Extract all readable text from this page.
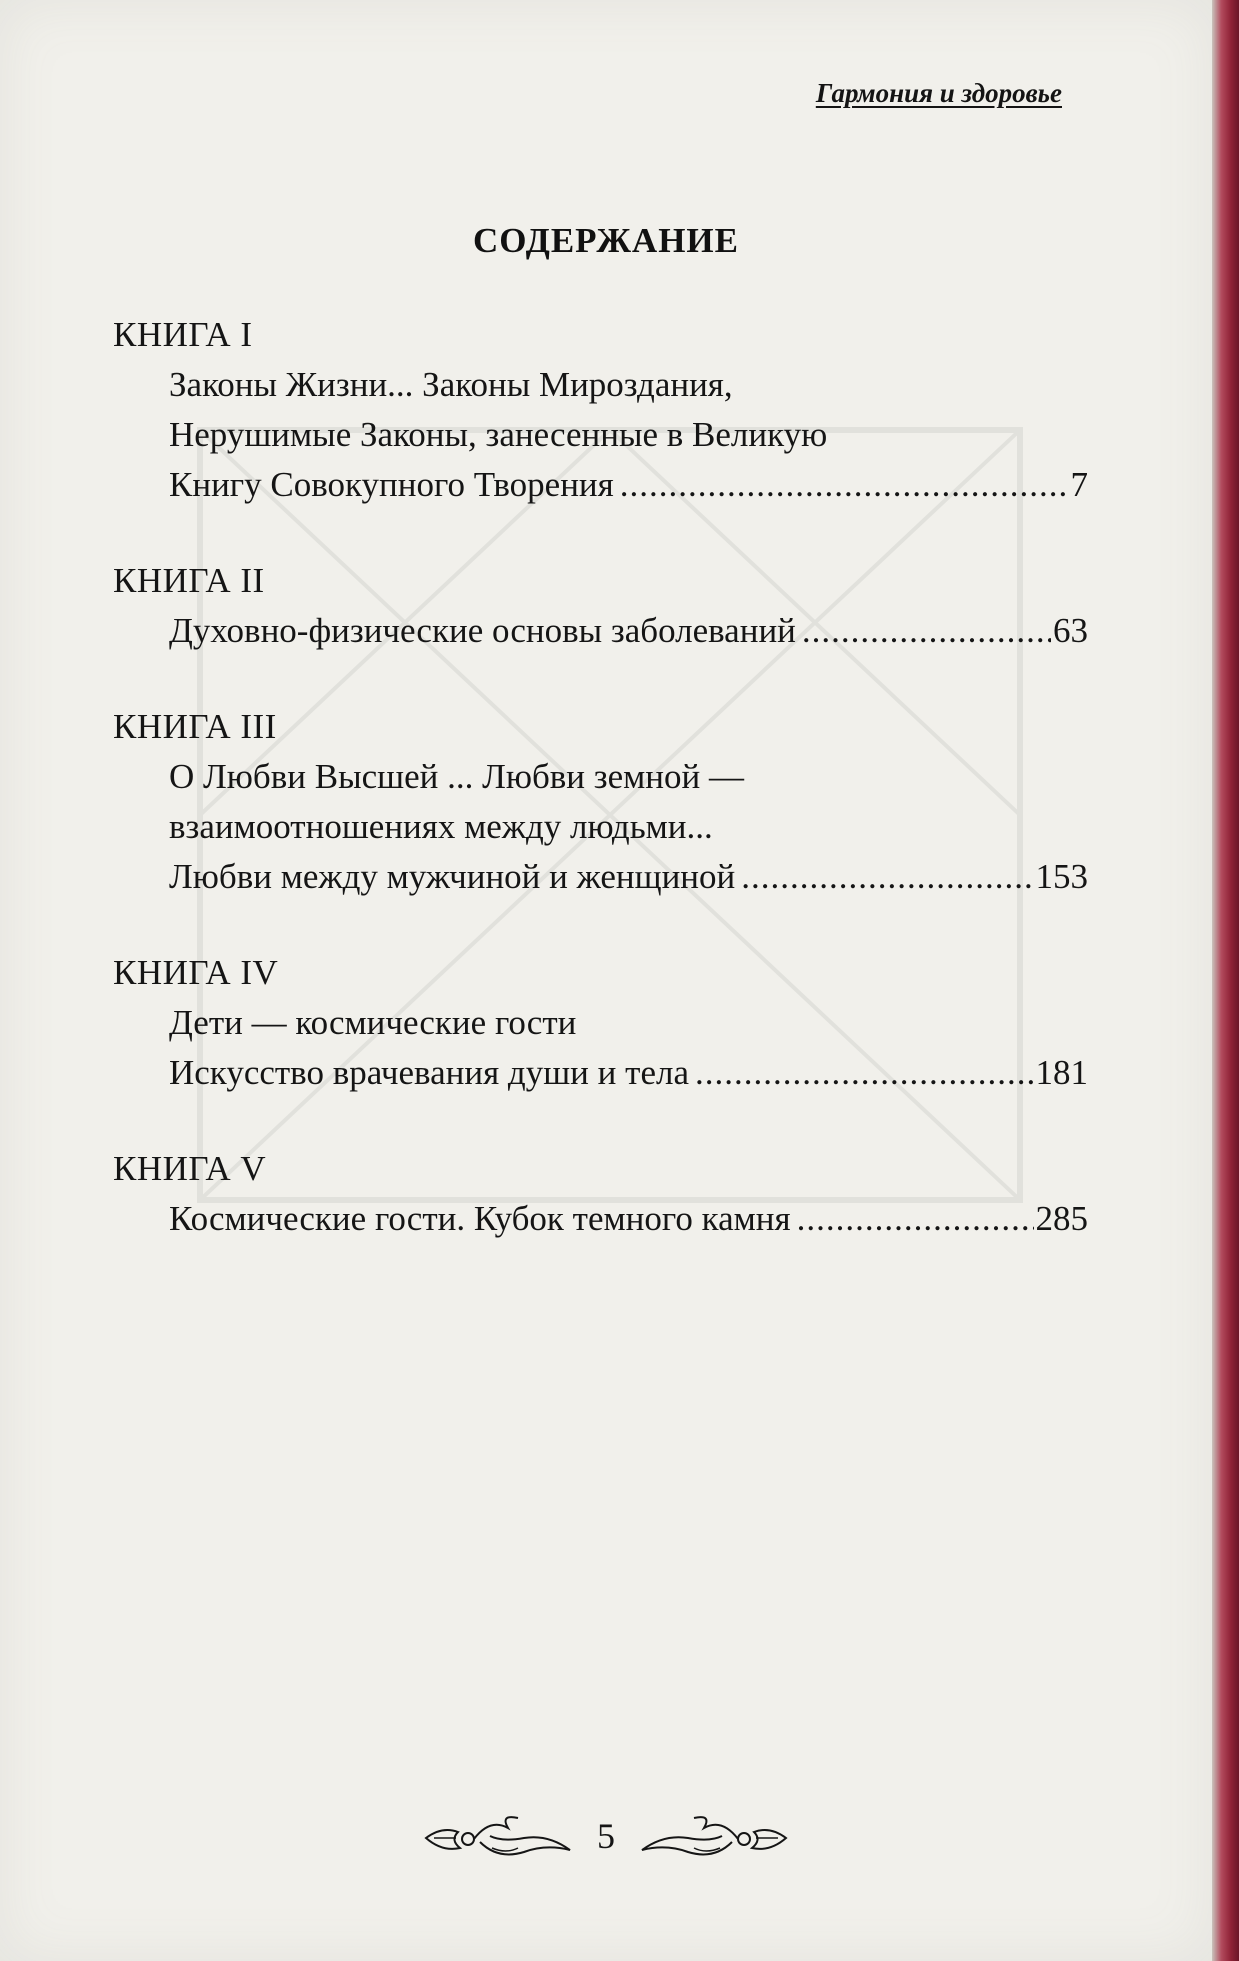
Гармония и здоровье
СОДЕРЖАНИЕ
КНИГА I
Законы Жизни... Законы Мироздания,
Нерушимые Законы, занесенные в Великую
Книгу Совокупного Творения .....	7
КНИГА II
Духовно-физические основы заболеваний .....	63
КНИГА III
О Любви Высшей ... Любви земной —
взаимоотношениях между людьми...
Любви между мужчиной и женщиной .....	153
КНИГА IV
Дети — космические гости
Искусство врачевания души и тела .....	181
КНИГА V
Космические гости. Кубок темного камня .....	285
5
